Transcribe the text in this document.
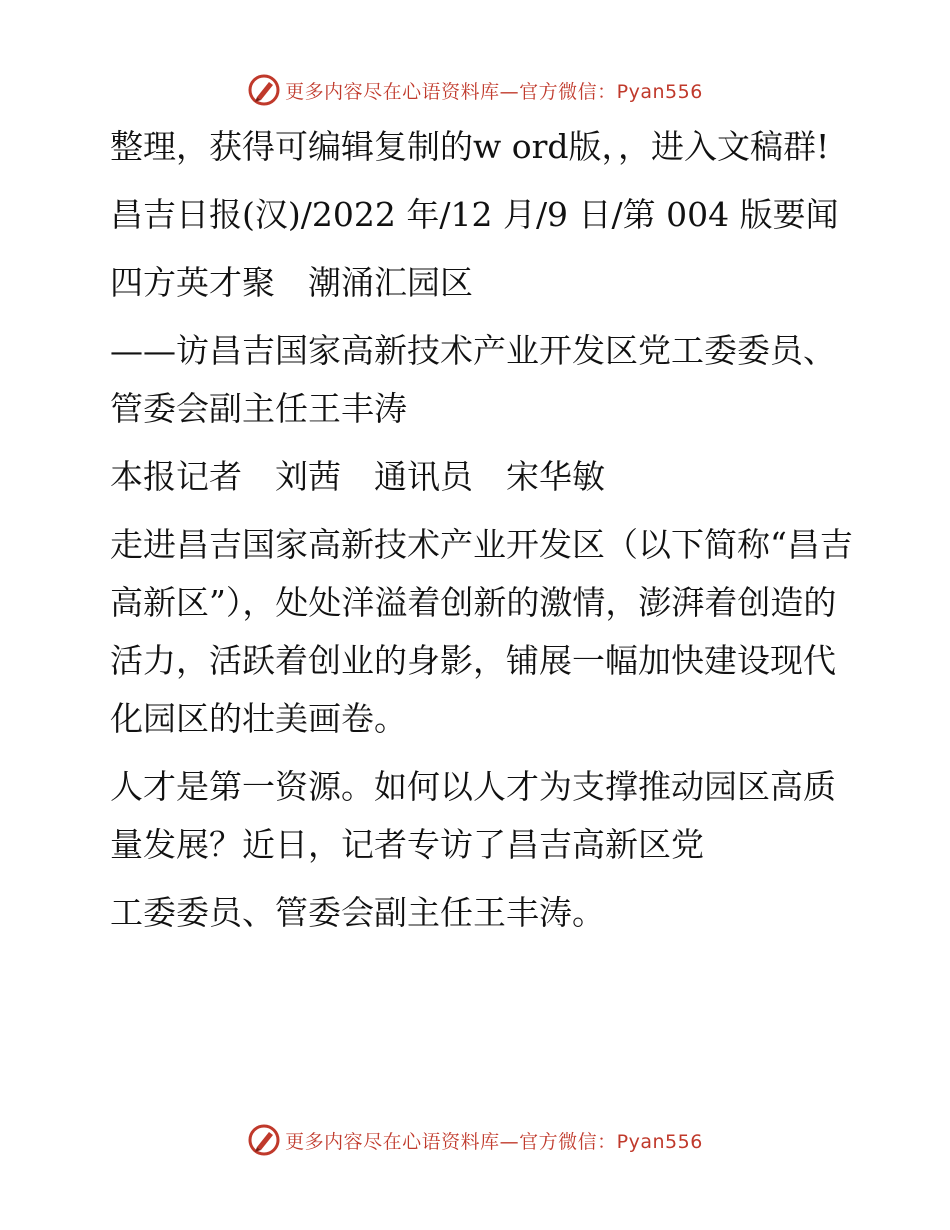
更多内容尽在心语资料库—官方微信：Pyan556

整理，获得可编辑复制的w ord版，，进入文稿群!

昌吉日报(汉)/2022 年/12 月/9 日/第 004 版要闻

四方英才聚　潮涌汇园区

——访昌吉国家高新技术产业开发区党工委委员、管委会副主任王丰涛

本报记者　刘茜　通讯员　宋华敏

走进昌吉国家高新技术产业开发区（以下简称“昌吉高新区”），处处洋溢着创新的激情，澎湃着创造的活力，活跃着创业的身影，铺展一幅加快建设现代化园区的壮美画卷。

人才是第一资源。如何以人才为支撑推动园区高质量发展？近日，记者专访了昌吉高新区党

工委委员、管委会副主任王丰涛。

更多内容尽在心语资料库—官方微信：Pyan556
